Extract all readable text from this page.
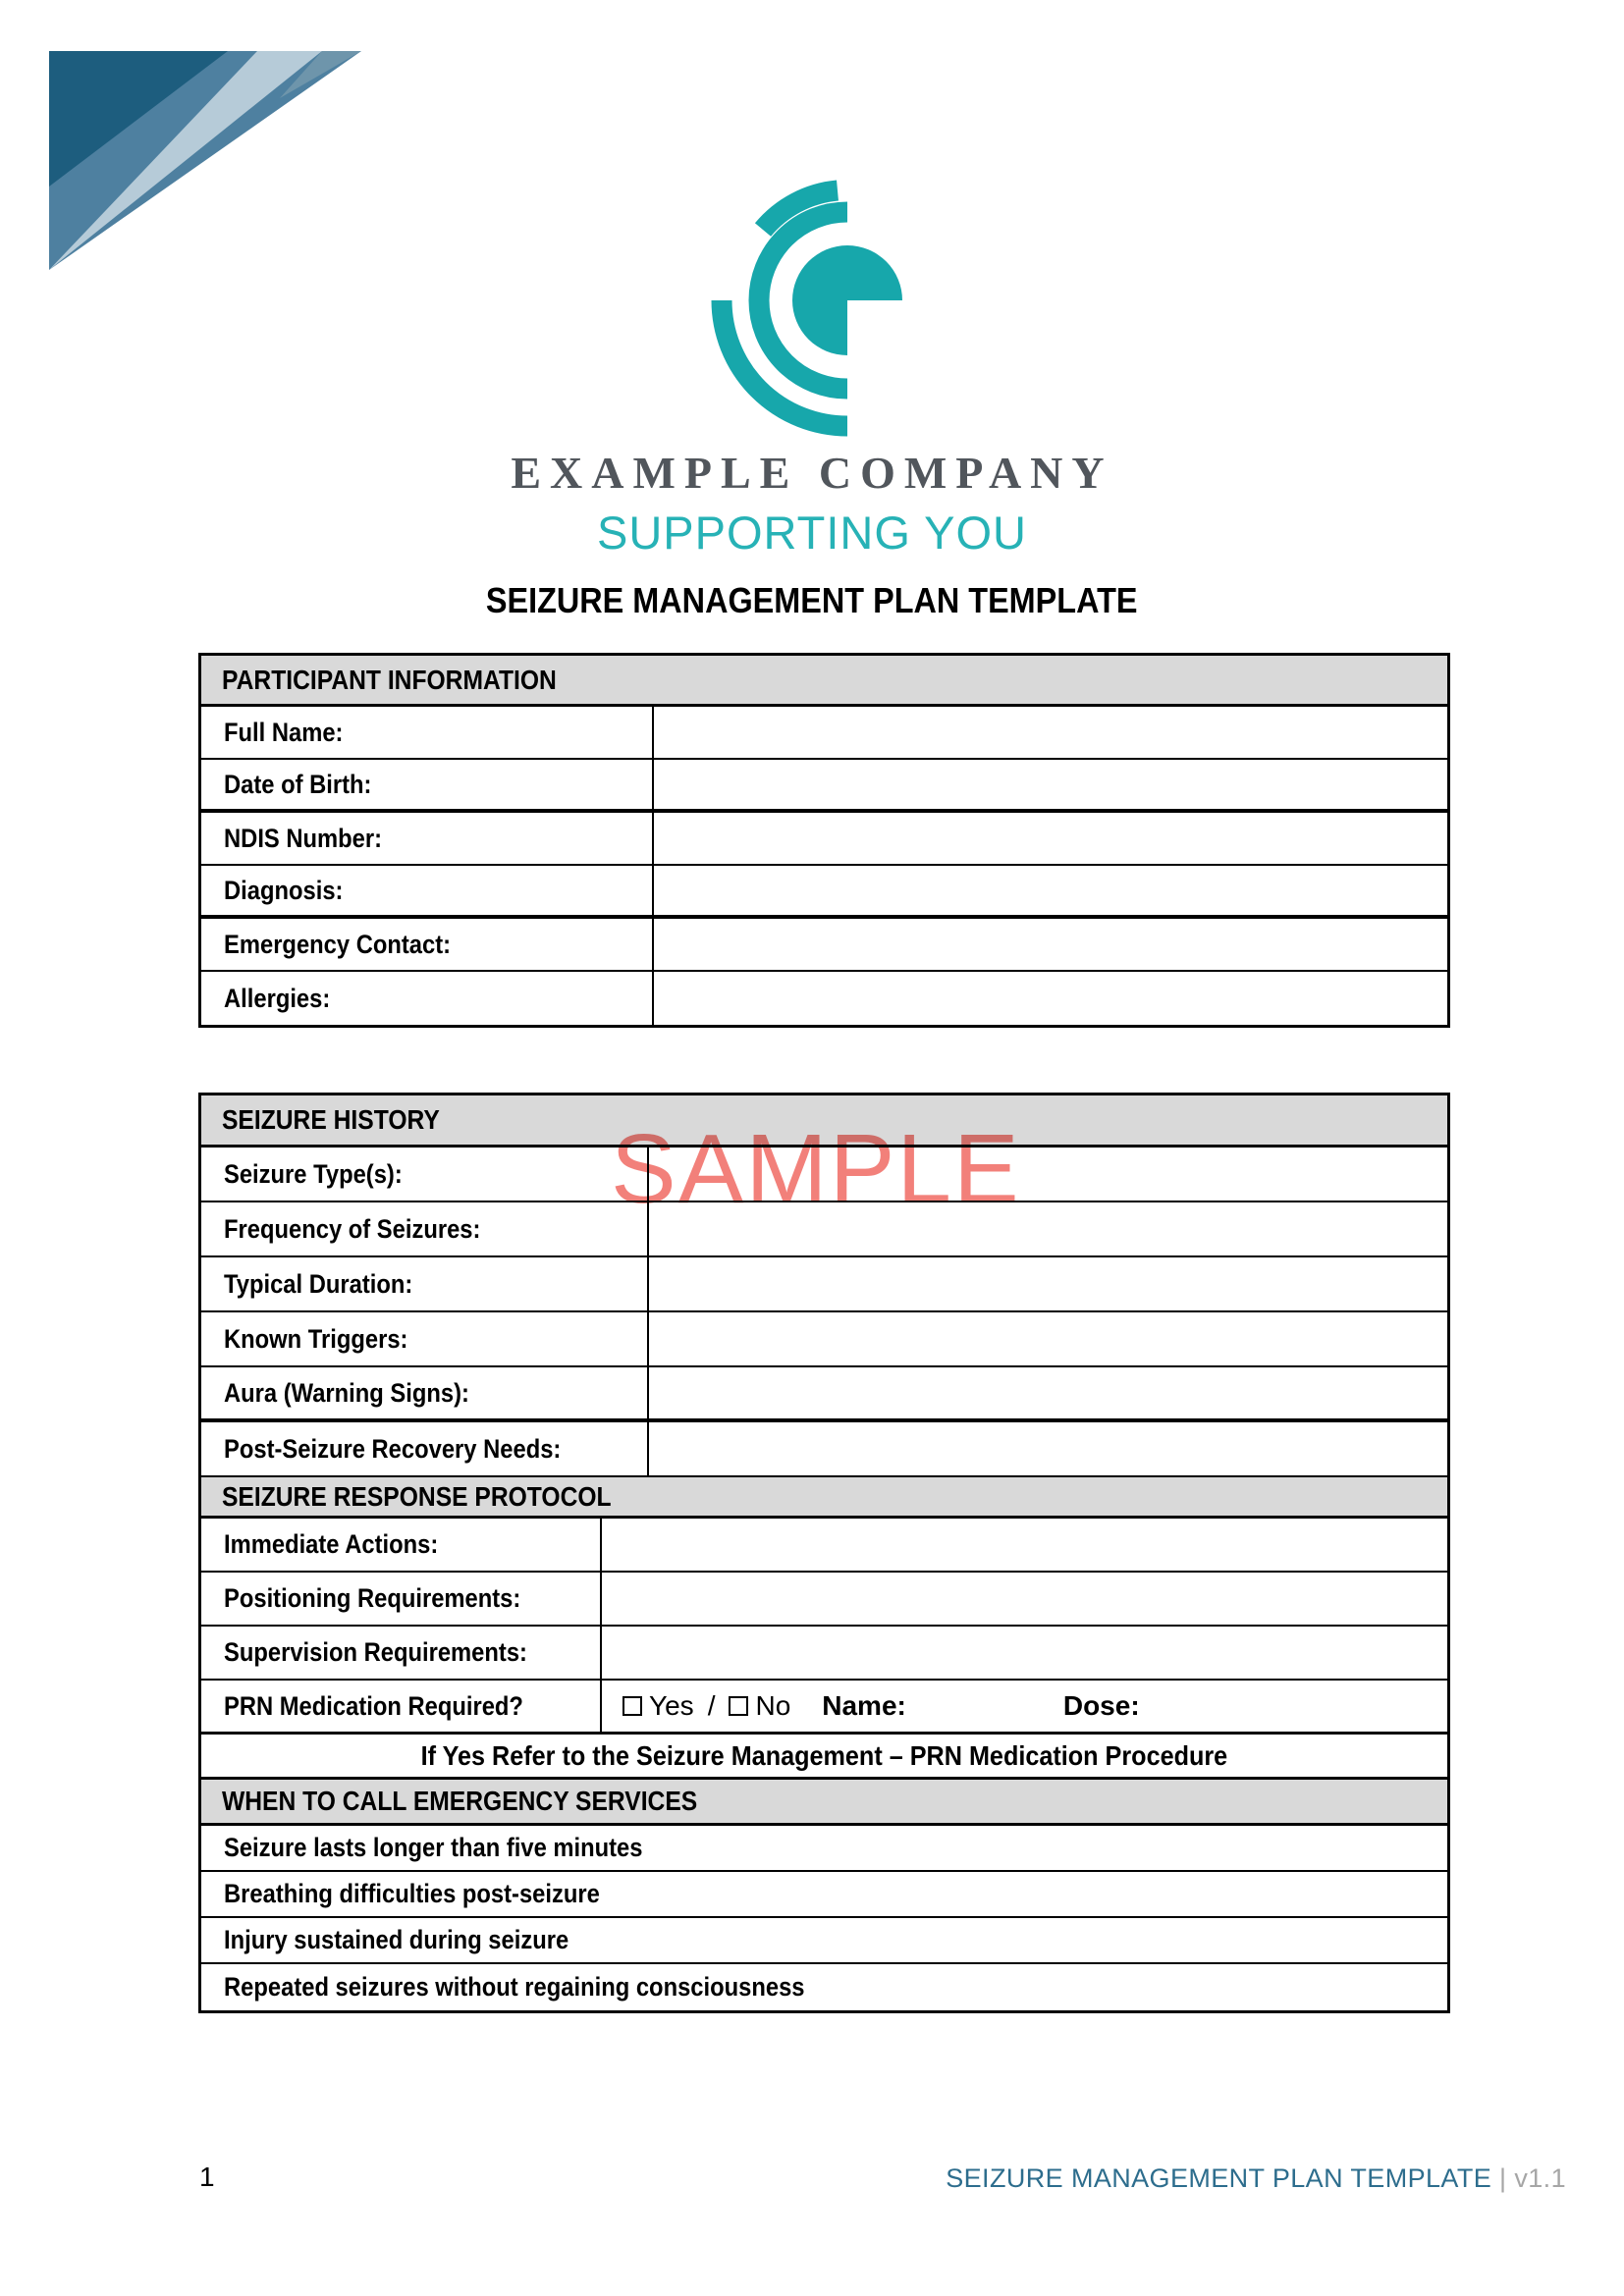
EXAMPLE COMPANY
SUPPORTING YOU
SEIZURE MANAGEMENT PLAN TEMPLATE
PARTICIPANT INFORMATION
Full Name:
Date of Birth:
NDIS Number:
Diagnosis:
Emergency Contact:
Allergies:
SEIZURE HISTORY
Seizure Type(s):
Frequency of Seizures:
Typical Duration:
Known Triggers:
Aura (Warning Signs):
Post-Seizure Recovery Needs:
SEIZURE RESPONSE PROTOCOL
Immediate Actions:
Positioning Requirements:
Supervision Requirements:
PRN Medication Required?	Yes / No Name:	Dose:
If Yes Refer to the Seizure Management – PRN Medication Procedure
WHEN TO CALL EMERGENCY SERVICES
Seizure lasts longer than five minutes
Breathing difficulties post-seizure
Injury sustained during seizure
Repeated seizures without regaining consciousness
SAMPLE
1	SEIZURE MANAGEMENT PLAN TEMPLATE | v1.1
